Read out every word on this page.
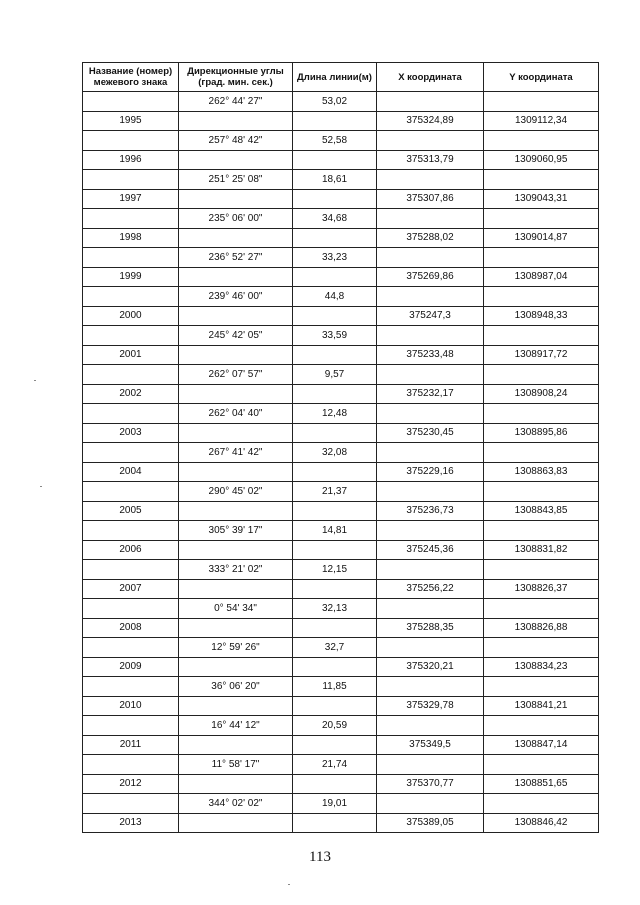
Название (номер)
межевого знака	Дирекционные углы
(град. мин. сек.)	Длина линии(м)	X координата	Y координата
	262° 44' 27"	53,02		
1995			375324,89	1309112,34
	257° 48' 42"	52,58		
1996			375313,79	1309060,95
	251° 25' 08"	18,61		
1997			375307,86	1309043,31
	235° 06' 00"	34,68		
1998			375288,02	1309014,87
	236° 52' 27"	33,23		
1999			375269,86	1308987,04
	239° 46' 00"	44,8		
2000			375247,3	1308948,33
	245° 42' 05"	33,59		
2001			375233,48	1308917,72
	262° 07' 57"	9,57		
2002			375232,17	1308908,24
	262° 04' 40"	12,48		
2003			375230,45	1308895,86
	267° 41' 42"	32,08		
2004			375229,16	1308863,83
	290° 45' 02"	21,37		
2005			375236,73	1308843,85
	305° 39' 17"	14,81		
2006			375245,36	1308831,82
	333° 21' 02"	12,15		
2007			375256,22	1308826,37
	0° 54' 34"	32,13		
2008			375288,35	1308826,88
	12° 59' 26"	32,7		
2009			375320,21	1308834,23
	36° 06' 20"	11,85		
2010			375329,78	1308841,21
	16° 44' 12"	20,59		
2011			375349,5	1308847,14
	11° 58' 17"	21,74		
2012			375370,77	1308851,65
	344° 02' 02"	19,01		
2013			375389,05	1308846,42
113
